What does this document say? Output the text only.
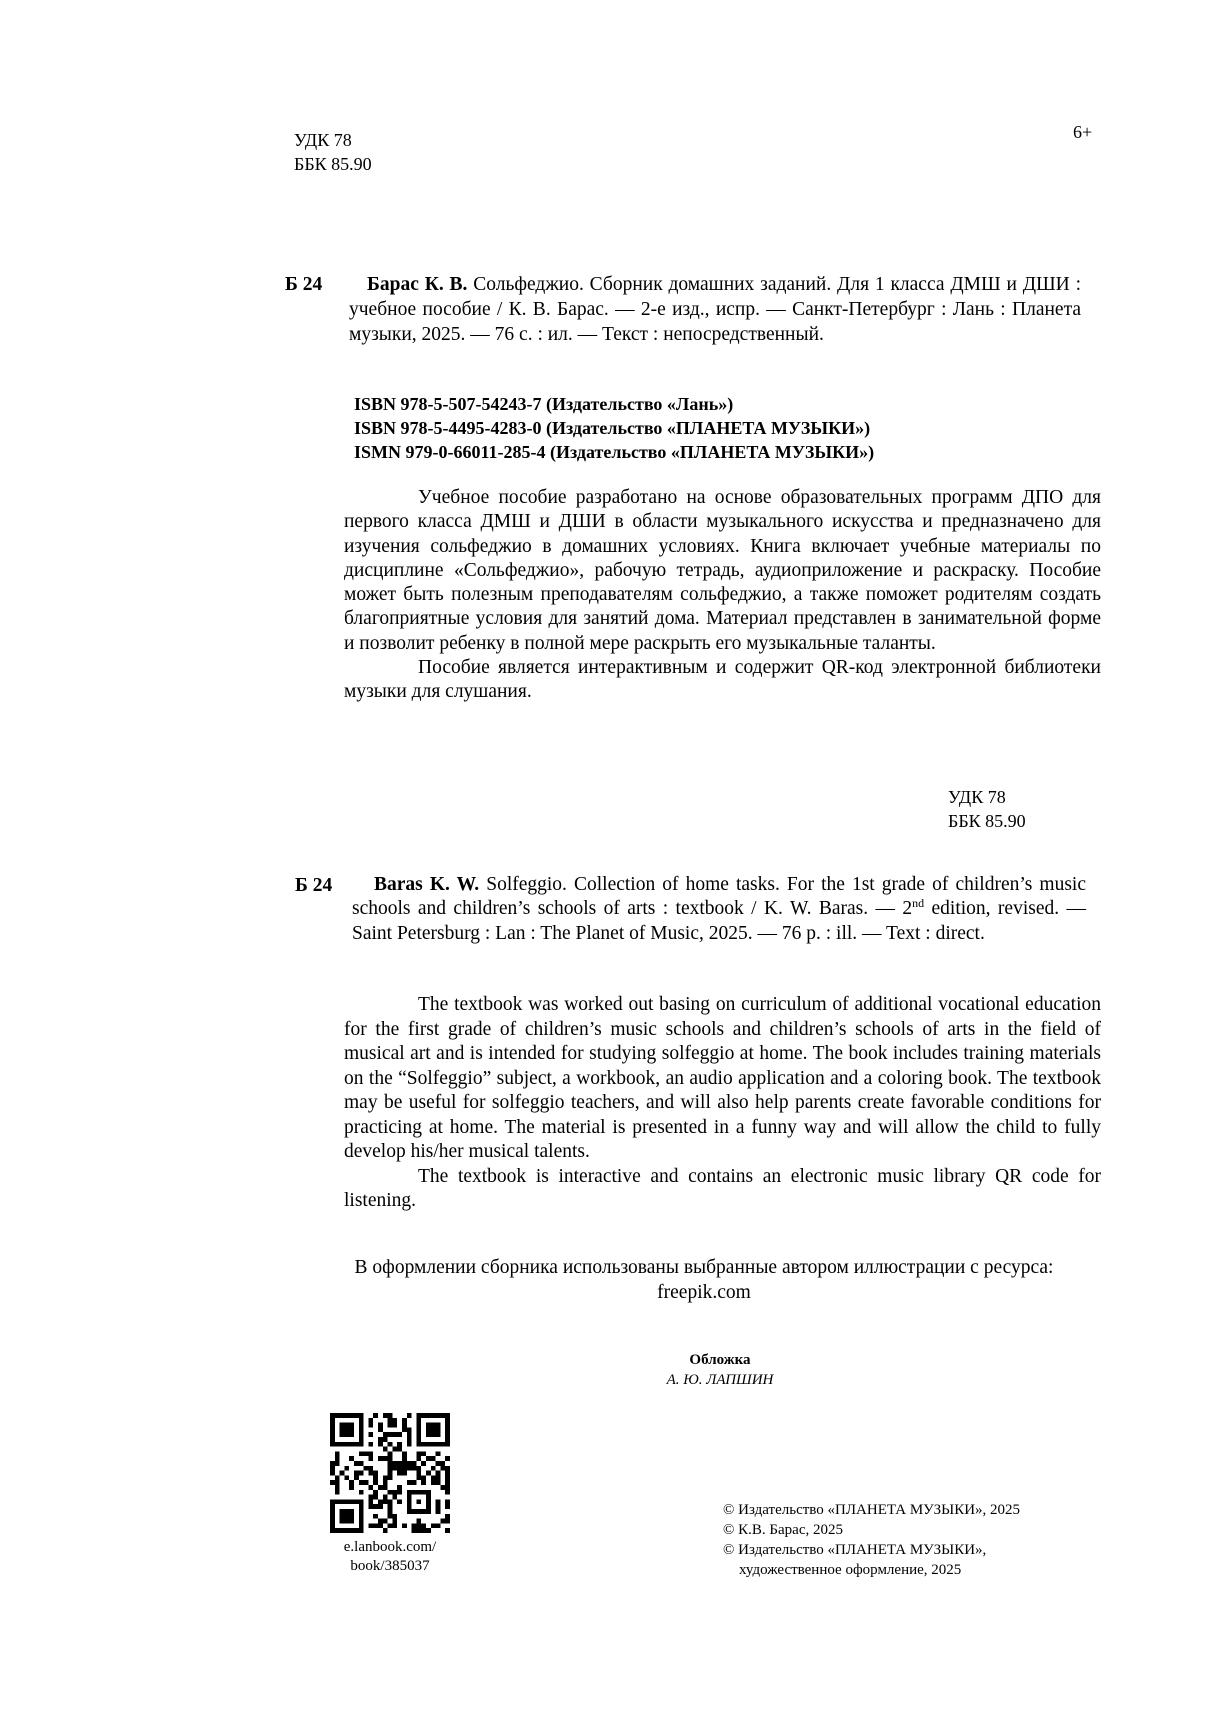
УДК 78
ББК 85.90
6+
Б 24	Барас К. В. Сольфеджио. Сборник домашних заданий. Для 1 класса ДМШ и ДШИ : учебное пособие / К. В. Барас. — 2-е изд., испр. — Санкт-Петербург : Лань : Планета музыки, 2025. — 76 с. : ил. — Текст : непосредственный.
ISBN 978-5-507-54243-7 (Издательство «Лань»)
ISBN 978-5-4495-4283-0 (Издательство «ПЛАНЕТА МУЗЫКИ»)
ISMN 979-0-66011-285-4 (Издательство «ПЛАНЕТА МУЗЫКИ»)

Учебное пособие разработано на основе образовательных программ ДПО для первого класса ДМШ и ДШИ в области музыкального искусства и предназначено для изучения сольфеджио в домашних условиях. Книга включает учебные материалы по дисциплине «Сольфеджио», рабочую тетрадь, аудиоприложение и раскраску. Пособие может быть полезным преподавателям сольфеджио, а также поможет родителям создать благоприятные условия для занятий дома. Материал представлен в занимательной форме и позволит ребенку в полной мере раскрыть его музыкальные таланты.

Пособие является интерактивным и содержит QR-код электронной библиотеки музыки для слушания.

УДК 78
ББК 85.90
Б 24	Baras K. W. Solfeggio. Collection of home tasks. For the 1st grade of children’s music schools and children’s schools of arts : textbook / K. W. Baras. — 2nd edition, revised. — Saint Petersburg : Lan : The Planet of Music, 2025. — 76 p. : ill. — Text : direct.

The textbook was worked out basing on curriculum of additional vocational education for the first grade of children’s music schools and children’s schools of arts in the field of musical art and is intended for studying solfeggio at home. The book includes training materials on the “Solfeggio” subject, a workbook, an audio application and a coloring book. The textbook may be useful for solfeggio teachers, and will also help parents create favorable conditions for practicing at home. The material is presented in a funny way and will allow the child to fully develop his/her musical talents.

The textbook is interactive and contains an electronic music library QR code for listening.

В оформлении сборника использованы выбранные автором иллюстрации с ресурса:
freepik.com
Обложка
А. Ю. ЛАПШИН
e.lanbook.com/
book/385037
© Издательство «ПЛАНЕТА МУЗЫКИ», 2025
© К.В. Барас, 2025
© Издательство «ПЛАНЕТА МУЗЫКИ»,
художественное оформление, 2025
